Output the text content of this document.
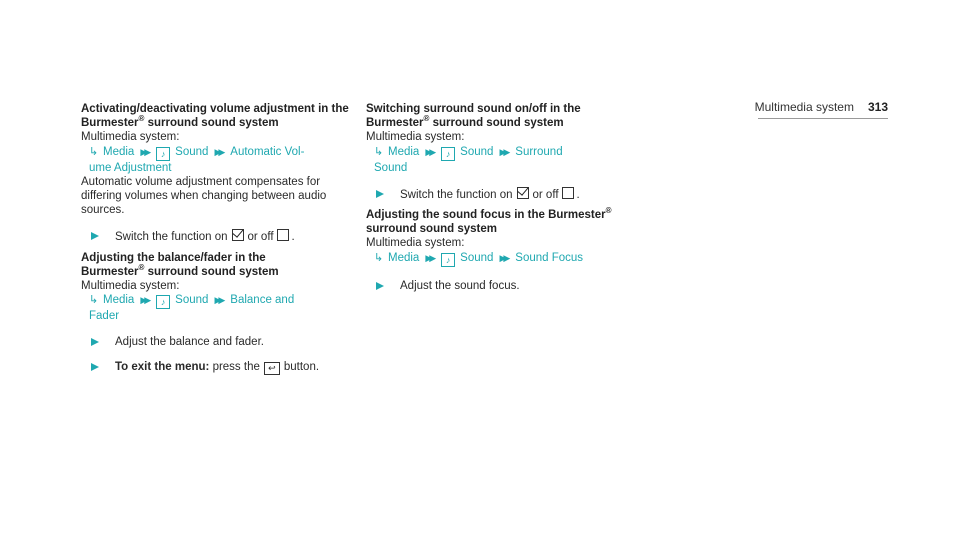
Multimedia system 313

Activating/deactivating volume adjustment in the Burmester® surround sound system

Multimedia system:

↳ Media ▶▶ ♪ Sound ▶▶ Automatic Vol-
ume Adjustment

Automatic volume adjustment compensates for differing volumes when changing between audio sources.

Switch the function on or off .

Adjusting the balance/fader in the

Burmester® surround sound system

Multimedia system:

↳ Media ▶▶ ♪ Sound ▶▶ Balance and
Fader

Adjust the balance and fader.

To exit the menu: press the ↩ button.

Switching surround sound on/off in the

Burmester® surround sound system

Multimedia system:

↳ Media ▶▶ ♪ Sound ▶▶ Surround
Sound

Switch the function on or off .

Adjusting the sound focus in the Burmester®

surround sound system

Multimedia system:

↳ Media ▶▶ ♪ Sound ▶▶ Sound Focus

Adjust the sound focus.
